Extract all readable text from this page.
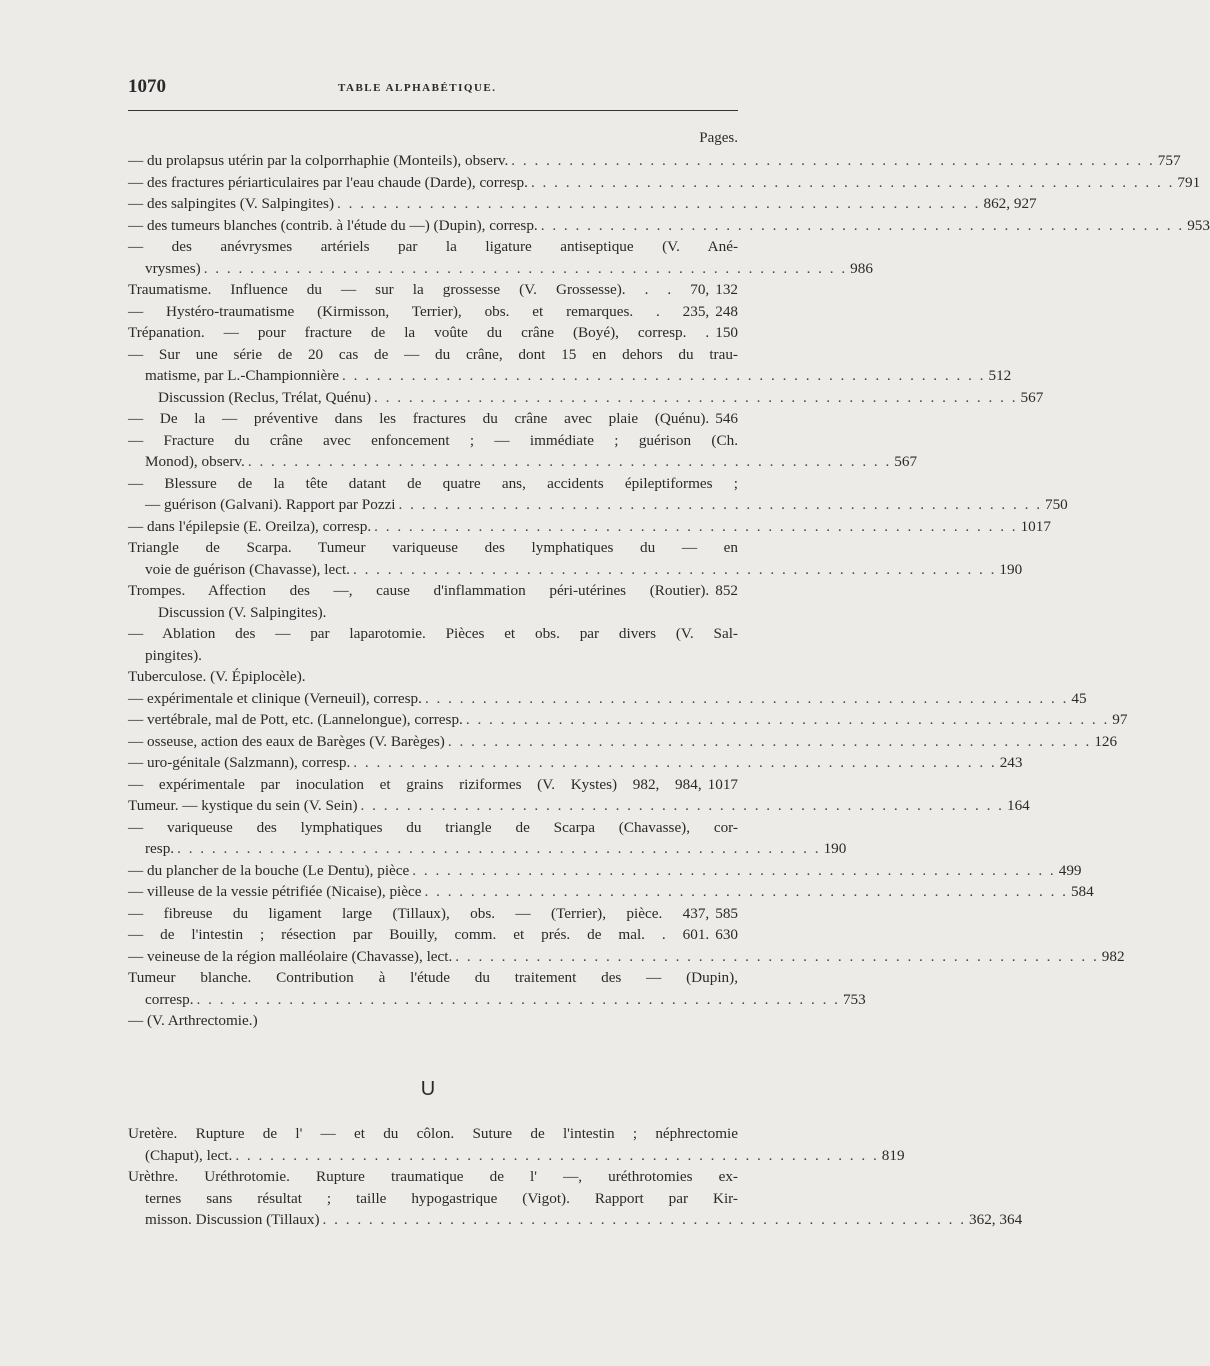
1070	TABLE ALPHABÉTIQUE.
Pages.
— du prolapsus utérin par la colporrhaphie (Monteils), observ. . . .	757
— des fractures périarticulaires par l'eau chaude (Darde), corresp. . . .	791
— des salpingites (V. Salpingites) . . .	862, 927
— des tumeurs blanches (contrib. à l'étude du —) (Dupin), corresp. . . .	953
— des anévrysmes artériels par la ligature antiseptique (V. Ané-
vrysmes) . . .	986
Traumatisme. Influence du — sur la grossesse (V. Grossesse). . . 70, 132
— Hystéro-traumatisme (Kirmisson, Terrier), obs. et remarques. . 235, 248
Trépanation. — pour fracture de la voûte du crâne (Boyé), corresp. . 150
— Sur une série de 20 cas de — du crâne, dont 15 en dehors du trau-
matisme, par L.-Championnière . . .	512
Discussion (Reclus, Trélat, Quénu) . . .	567
— De la — préventive dans les fractures du crâne avec plaie (Quénu). 546
— Fracture du crâne avec enfoncement ; — immédiate ; guérison (Ch.
Monod), observ. . . .	567
— Blessure de la tête datant de quatre ans, accidents épileptiformes ;
— guérison (Galvani). Rapport par Pozzi . . .	750
— dans l'épilepsie (E. Oreilza), corresp. . . .	1017
Triangle de Scarpa. Tumeur variqueuse des lymphatiques du — en
voie de guérison (Chavasse), lect. . . .	190
Trompes. Affection des —, cause d'inflammation péri-utérines (Routier). 852
Discussion (V. Salpingites).
— Ablation des — par laparotomie. Pièces et obs. par divers (V. Sal-
pingites).
Tuberculose. (V. Épiplocèle).
— expérimentale et clinique (Verneuil), corresp. . . .	45
— vertébrale, mal de Pott, etc. (Lannelongue), corresp. . . .	97
— osseuse, action des eaux de Barèges (V. Barèges) . . .	126
— uro-génitale (Salzmann), corresp. . . .	243
— expérimentale par inoculation et grains riziformes (V. Kystes) 982, 984, 1017
Tumeur. — kystique du sein (V. Sein) . . .	164
— variqueuse des lymphatiques du triangle de Scarpa (Chavasse), cor-
resp. . . .	190
— du plancher de la bouche (Le Dentu), pièce . . .	499
— villeuse de la vessie pétrifiée (Nicaise), pièce . . .	584
— fibreuse du ligament large (Tillaux), obs. — (Terrier), pièce. 437, 585
— de l'intestin ; résection par Bouilly, comm. et prés. de mal. . 601. 630
— veineuse de la région malléolaire (Chavasse), lect. . . .	982
Tumeur blanche. Contribution à l'étude du traitement des — (Dupin),
corresp. . . .	753
— (V. Arthrectomie.)
U
Uretère. Rupture de l' — et du côlon. Suture de l'intestin ; néphrectomie
(Chaput), lect. . . .	819
Urèthre. Uréthrotomie. Rupture traumatique de l' —, uréthrotomies ex-
ternes sans résultat ; taille hypogastrique (Vigot). Rapport par Kir-
misson. Discussion (Tillaux) . . .	362, 364
